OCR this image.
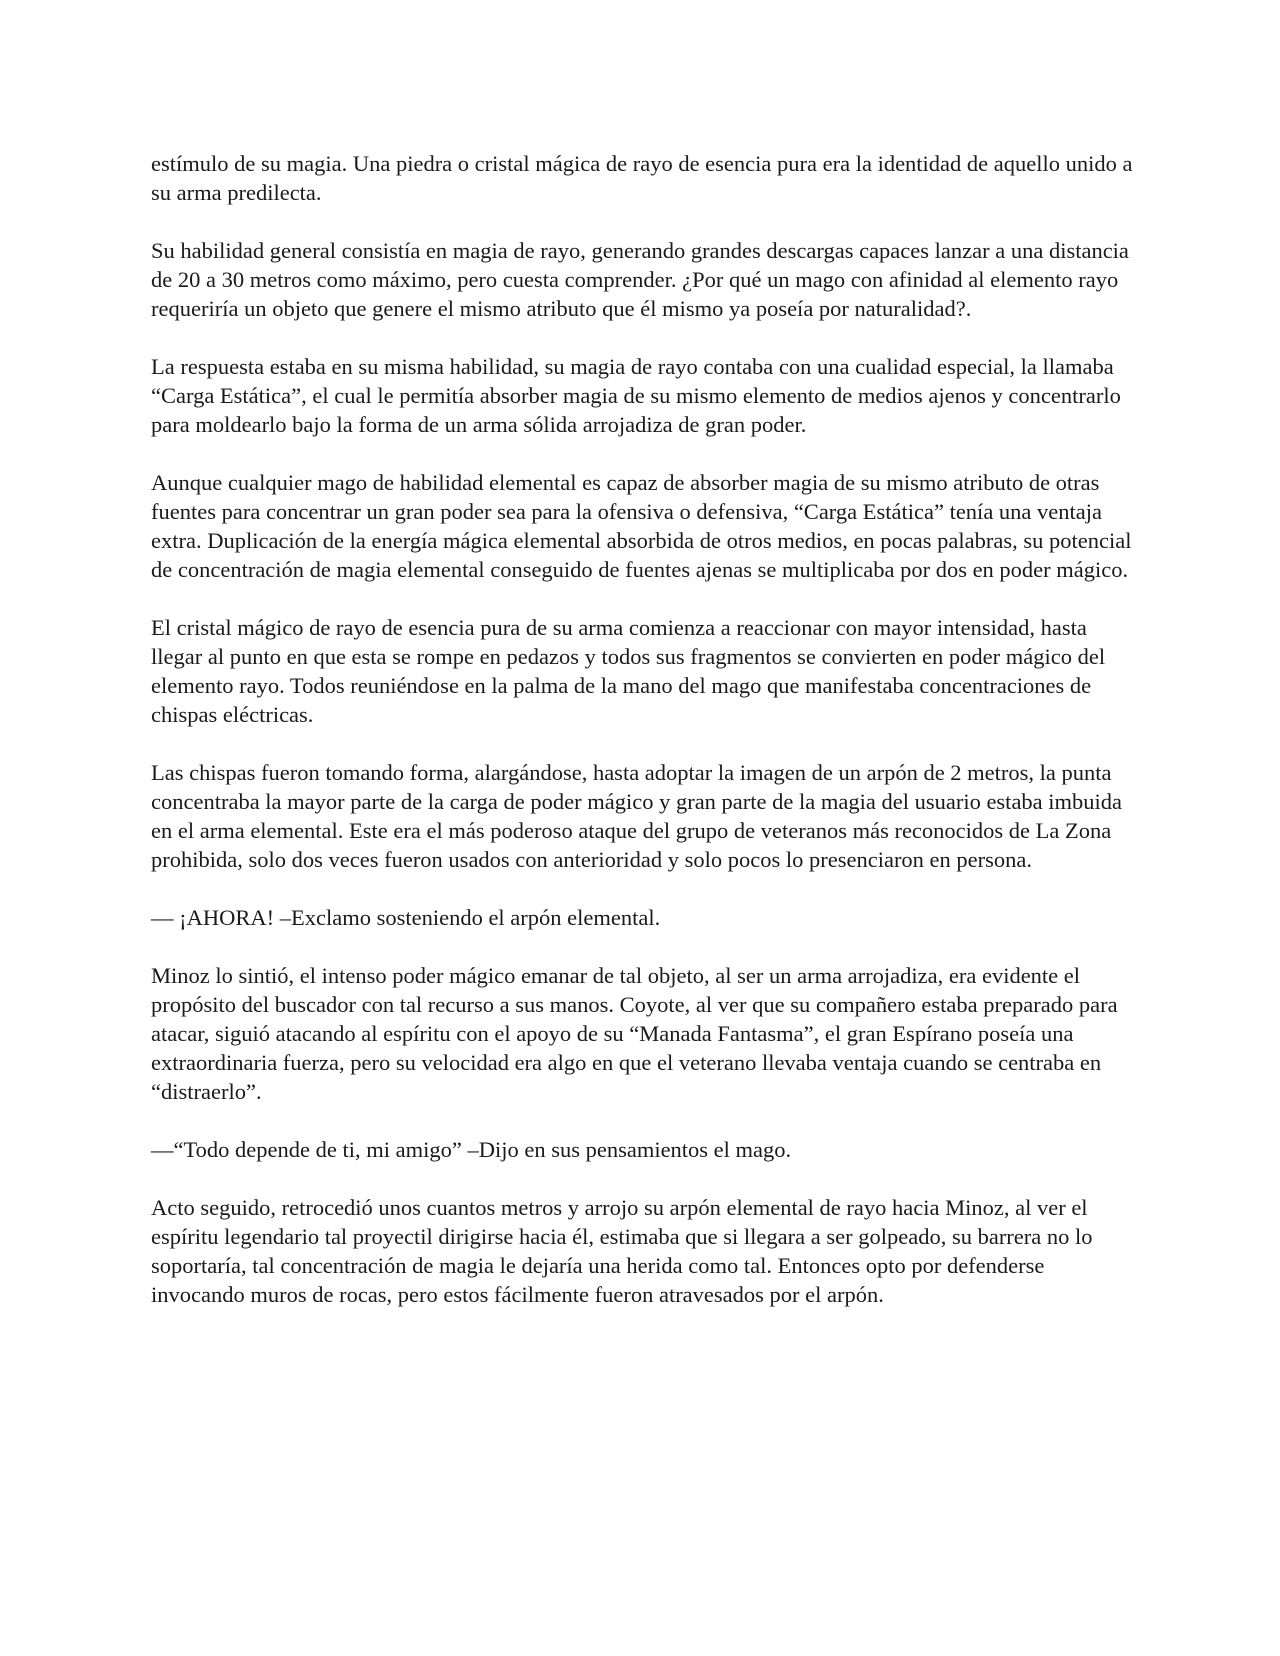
estímulo de su magia. Una piedra o cristal mágica de rayo de esencia pura era la identidad de aquello unido a su arma predilecta.

Su habilidad general consistía en magia de rayo, generando grandes descargas capaces lanzar a una distancia de 20 a 30 metros como máximo, pero cuesta comprender. ¿Por qué un mago con afinidad al elemento rayo requeriría un objeto que genere el mismo atributo que él mismo ya poseía por naturalidad?.

La respuesta estaba en su misma habilidad, su magia de rayo contaba con una cualidad especial, la llamaba “Carga Estática”, el cual le permitía absorber magia de su mismo elemento de medios ajenos y concentrarlo para moldearlo bajo la forma de un arma sólida arrojadiza de gran poder.

Aunque cualquier mago de habilidad elemental es capaz de absorber magia de su mismo atributo de otras fuentes para concentrar un gran poder sea para la ofensiva o defensiva, “Carga Estática” tenía una ventaja extra. Duplicación de la energía mágica elemental absorbida de otros medios, en pocas palabras, su potencial de concentración de magia elemental conseguido de fuentes ajenas se multiplicaba por dos en poder mágico.

El cristal mágico de rayo de esencia pura de su arma comienza a reaccionar con mayor intensidad, hasta llegar al punto en que esta se rompe en pedazos y todos sus fragmentos se convierten en poder mágico del elemento rayo. Todos reuniéndose en la palma de la mano del mago que manifestaba concentraciones de chispas eléctricas.

Las chispas fueron tomando forma, alargándose, hasta adoptar la imagen de un arpón de 2 metros, la punta concentraba la mayor parte de la carga de poder mágico y gran parte de la magia del usuario estaba imbuida en el arma elemental. Este era el más poderoso ataque del grupo de veteranos más reconocidos de La Zona prohibida, solo dos veces fueron usados con anterioridad y solo pocos lo presenciaron en persona.

— ¡AHORA! –Exclamo sosteniendo el arpón elemental.

Minoz lo sintió, el intenso poder mágico emanar de tal objeto, al ser un arma arrojadiza, era evidente el propósito del buscador con tal recurso a sus manos. Coyote, al ver que su compañero estaba preparado para atacar, siguió atacando al espíritu con el apoyo de su “Manada Fantasma”, el gran Espírano poseía una extraordinaria fuerza, pero su velocidad era algo en que el veterano llevaba ventaja cuando se centraba en “distraerlo”.

—“Todo depende de ti, mi amigo” –Dijo en sus pensamientos el mago.

Acto seguido, retrocedió unos cuantos metros y arrojo su arpón elemental de rayo hacia Minoz, al ver el espíritu legendario tal proyectil dirigirse hacia él, estimaba que si llegara a ser golpeado, su barrera no lo soportaría, tal concentración de magia le dejaría una herida como tal. Entonces opto por defenderse invocando muros de rocas, pero estos fácilmente fueron atravesados por el arpón.
